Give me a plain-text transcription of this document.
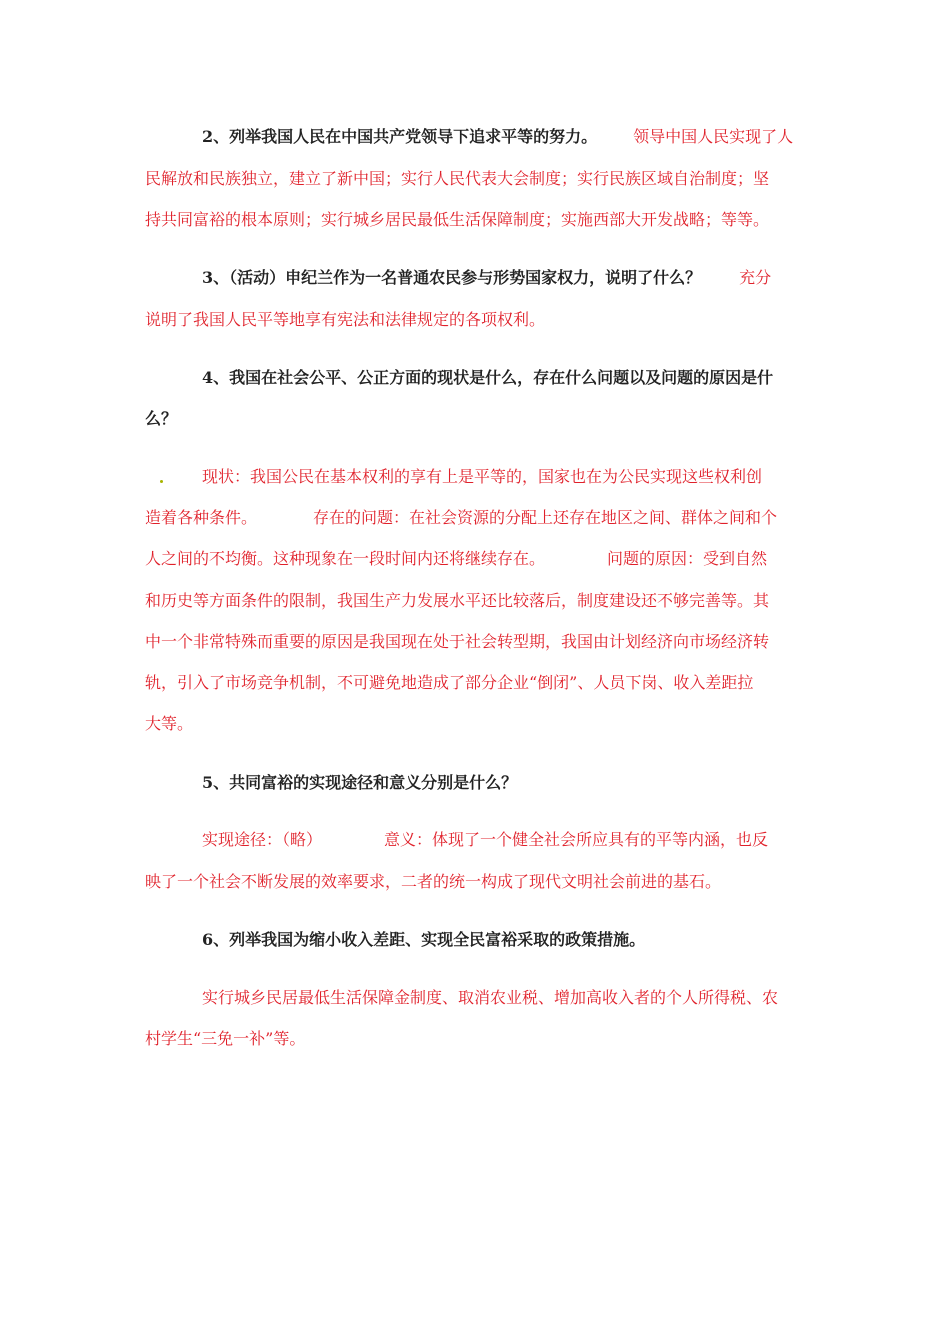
2、列举我国人民在中国共产党领导下追求平等的努力。 领导中国人民实现了人
民解放和民族独立，建立了新中国；实行人民代表大会制度；实行民族区域自治制度；坚
持共同富裕的根本原则；实行城乡居民最低生活保障制度；实施西部大开发战略；等等。
3、（活动）申纪兰作为一名普通农民参与形势国家权力，说明了什么？ 充分
说明了我国人民平等地享有宪法和法律规定的各项权利。
4、我国在社会公平、公正方面的现状是什么，存在什么问题以及问题的原因是什
么？
现状：我国公民在基本权利的享有上是平等的，国家也在为公民实现这些权利创
造着各种条件。	存在的问题：在社会资源的分配上还存在地区之间、群体之间和个
人之间的不均衡。这种现象在一段时间内还将继续存在。	问题的原因：受到自然
和历史等方面条件的限制，我国生产力发展水平还比较落后，制度建设还不够完善等。其
中一个非常特殊而重要的原因是我国现在处于社会转型期，我国由计划经济向市场经济转
轨，引入了市场竞争机制，不可避免地造成了部分企业“倒闭”、人员下岗、收入差距拉
大等。
5、共同富裕的实现途径和意义分别是什么？
实现途径：（略）	意义：体现了一个健全社会所应具有的平等内涵，也反
映了一个社会不断发展的效率要求，二者的统一构成了现代文明社会前进的基石。
6、列举我国为缩小收入差距、实现全民富裕采取的政策措施。
实行城乡民居最低生活保障金制度、取消农业税、增加高收入者的个人所得税、农
村学生“三免一补”等。
